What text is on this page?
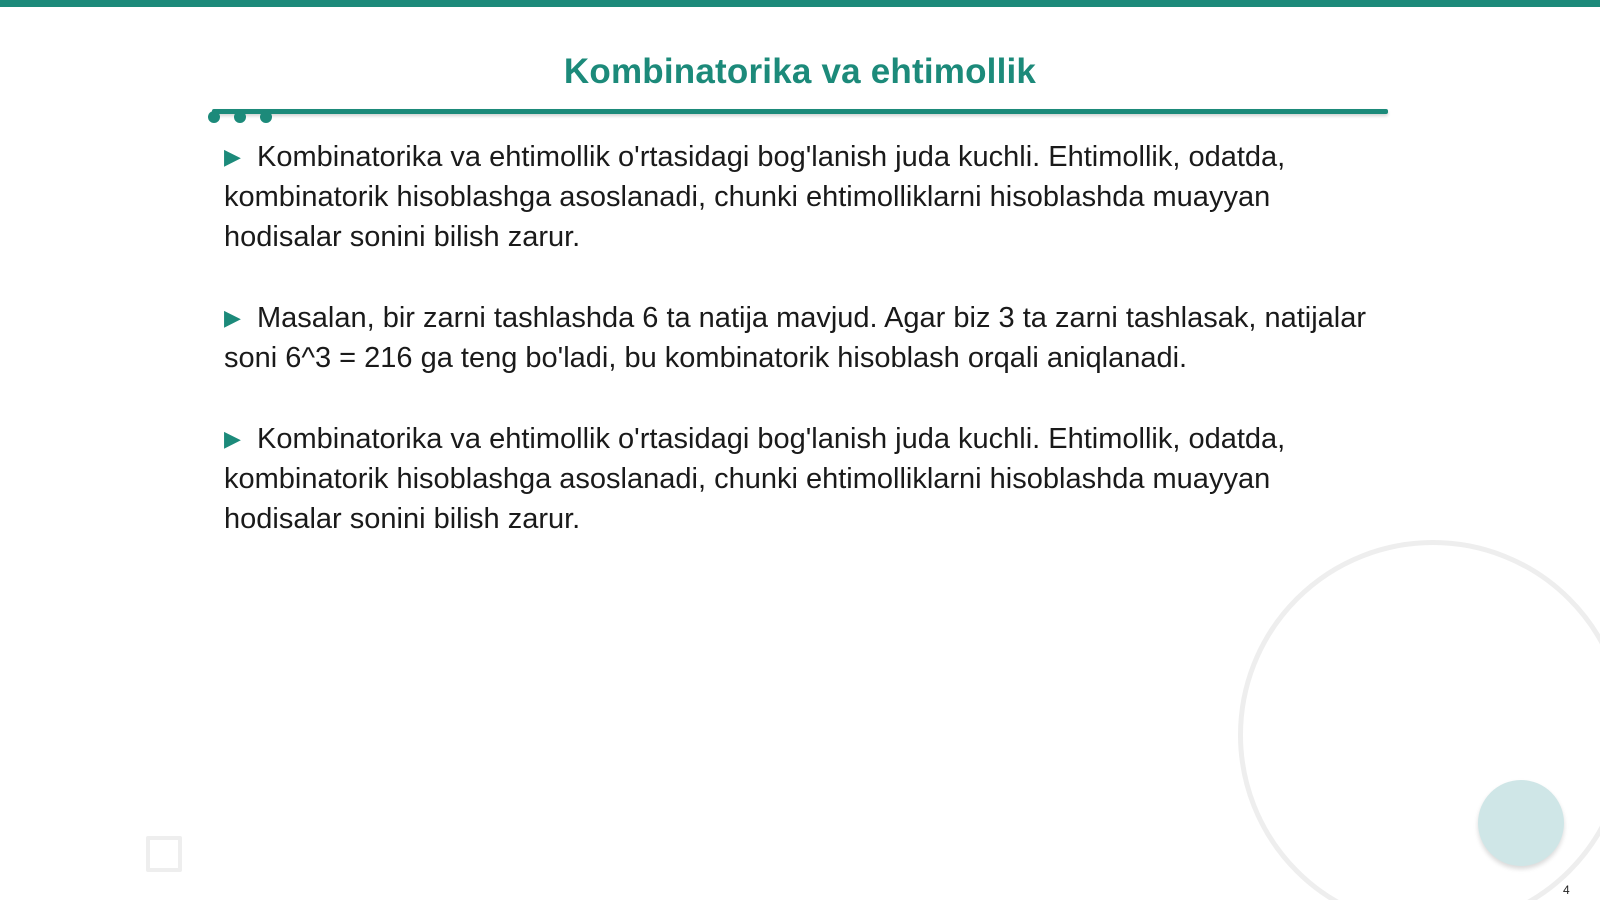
Kombinatorika va ehtimollik
▶ Kombinatorika va ehtimollik o'rtasidagi bog'lanish juda kuchli. Ehtimollik, odatda, kombinatorik hisoblashga asoslanadi, chunki ehtimolliklarni hisoblashda muayyan hodisalar sonini bilish zarur.
▶ Masalan, bir zarni tashlashda 6 ta natija mavjud. Agar biz 3 ta zarni tashlasak, natijalar soni 6^3 = 216 ga teng bo'ladi, bu kombinatorik hisoblash orqali aniqlanadi.
▶ Kombinatorika va ehtimollik o'rtasidagi bog'lanish juda kuchli. Ehtimollik, odatda, kombinatorik hisoblashga asoslanadi, chunki ehtimolliklarni hisoblashda muayyan hodisalar sonini bilish zarur.
4
